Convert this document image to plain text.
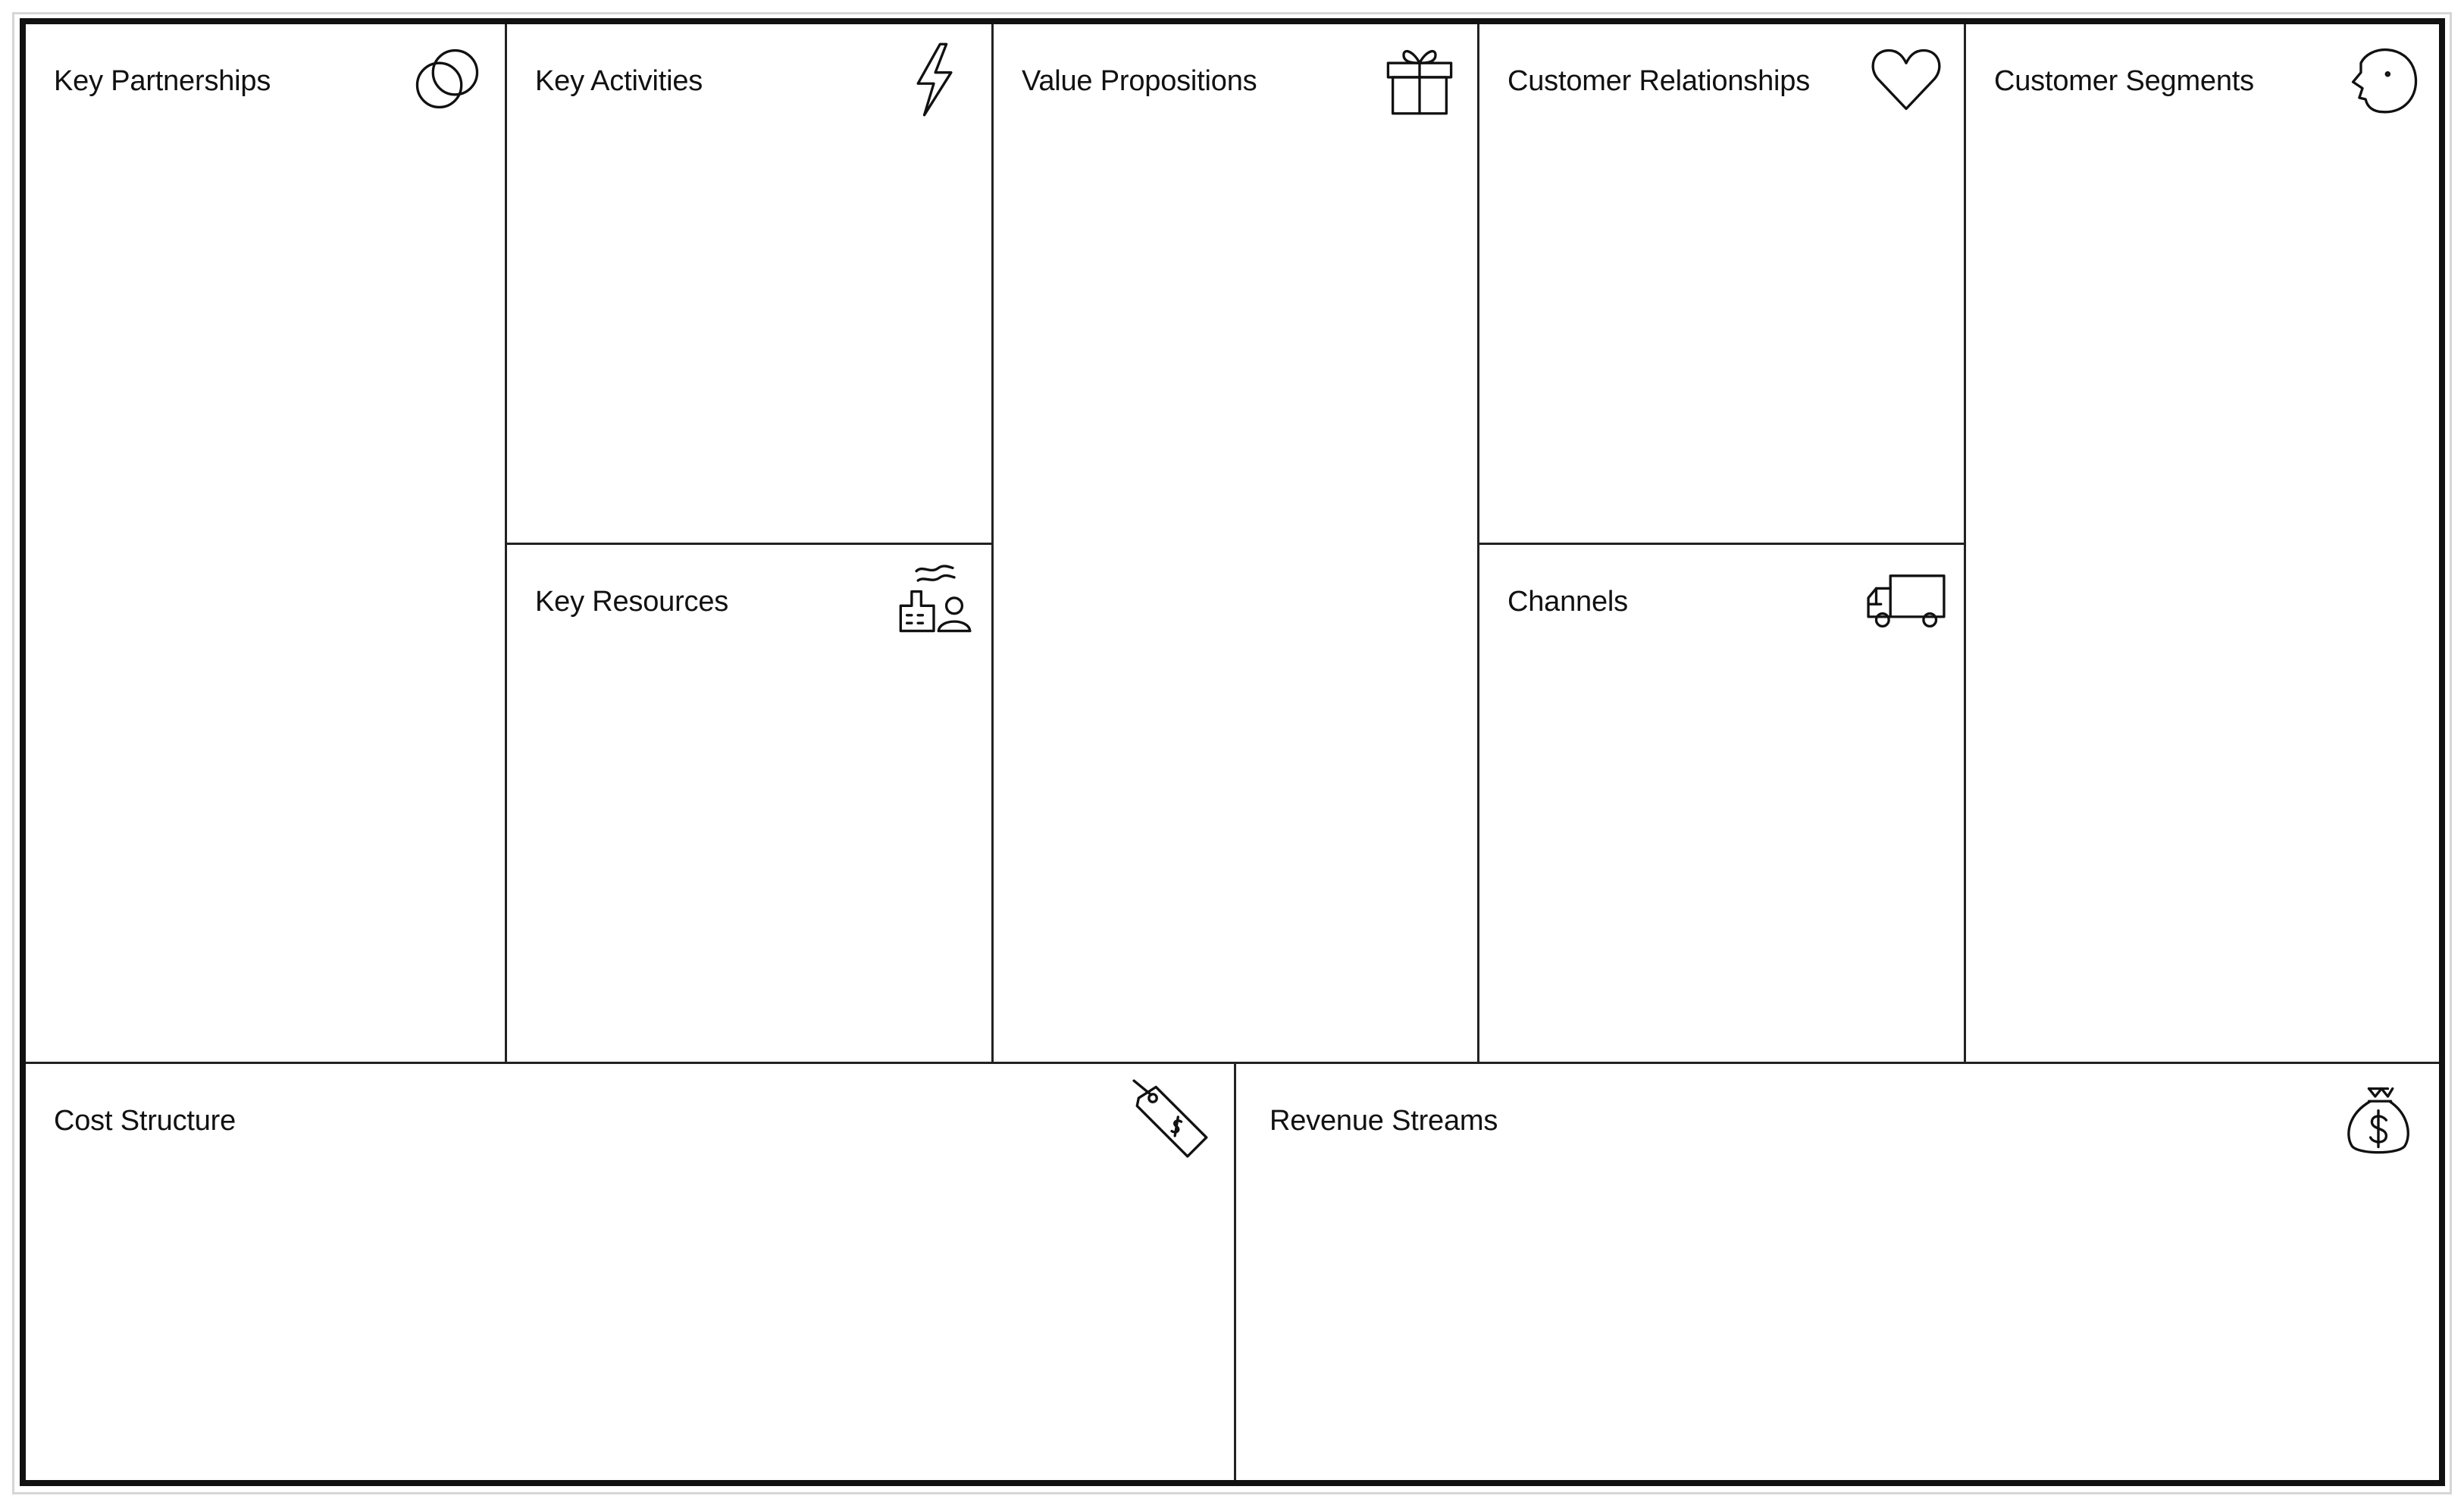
Key Partnerships	Key Activities
Key Resources
Value Propositions	Customer Relationships
Channels
Customer Segments
Cost Structure	Revenue Streams
